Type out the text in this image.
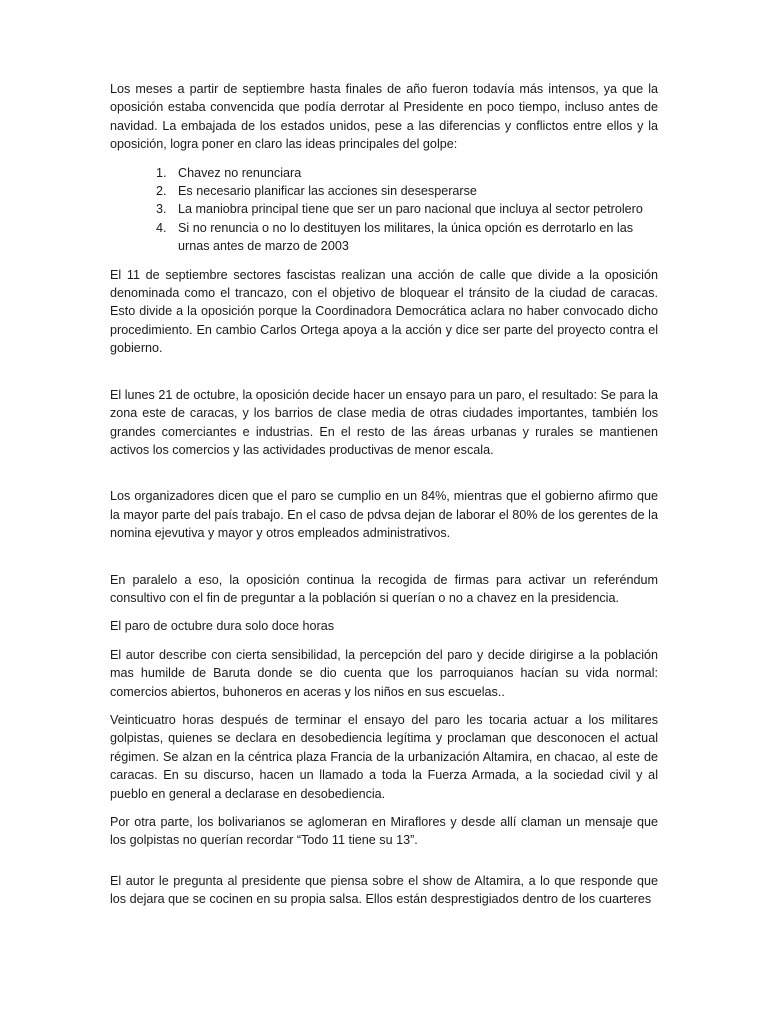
Los meses a partir de septiembre hasta finales de año fueron todavía más intensos, ya que la oposición estaba convencida que podía derrotar al Presidente en poco tiempo, incluso antes de navidad. La embajada de los estados unidos, pese a las diferencias y conflictos entre ellos y la oposición, logra poner en claro las ideas principales del golpe:

1. Chavez no renunciara
2. Es necesario planificar las acciones sin desesperarse
3. La maniobra principal tiene que ser un paro nacional que incluya al sector petrolero
4. Si no renuncia o no lo destituyen los militares, la única opción es derrotarlo en las urnas antes de marzo de 2003

El 11 de septiembre sectores fascistas realizan una acción de calle que divide a la oposición denominada como el trancazo, con el objetivo de bloquear el tránsito de la ciudad de caracas. Esto divide a la oposición porque la Coordinadora Democrática aclara no haber convocado dicho procedimiento. En cambio Carlos Ortega apoya a la acción y dice ser parte del proyecto contra el gobierno.

El lunes 21 de octubre, la oposición decide hacer un ensayo para un paro, el resultado: Se para la zona este de caracas, y los barrios de clase media de otras ciudades importantes, también los grandes comerciantes e industrias. En el resto de las áreas urbanas y rurales se mantienen activos los comercios y las actividades productivas de menor escala.

Los organizadores dicen que el paro se cumplio en un 84%, mientras que el gobierno afirmo que la mayor parte del país trabajo. En el caso de pdvsa dejan de laborar el 80% de los gerentes de la nomina ejevutiva y mayor y otros empleados administrativos.

En paralelo a eso, la oposición continua la recogida de firmas para activar un referéndum consultivo con el fin de preguntar a la población si querían o no a chavez en la presidencia.

El paro de octubre dura solo doce horas

El autor describe con cierta sensibilidad, la percepción del paro y decide dirigirse a la población mas humilde de Baruta donde se dio cuenta que los parroquianos hacían su vida normal: comercios abiertos, buhoneros en aceras y los niños en sus escuelas..

Veinticuatro horas después de terminar el ensayo del paro les tocaria actuar a los militares golpistas, quienes se declara en desobediencia legítima y proclaman que desconocen el actual régimen. Se alzan en la céntrica plaza Francia de la urbanización Altamira, en chacao, al este de caracas. En su discurso, hacen un llamado a toda la Fuerza Armada, a la sociedad civil y al pueblo en general a declarase en desobediencia.

Por otra parte, los bolivarianos se aglomeran en Miraflores y desde allí claman un mensaje que los golpistas no querían recordar “Todo 11 tiene su 13”.

El autor le pregunta al presidente que piensa sobre el show de Altamira, a lo que responde que los dejara que se cocinen en su propia salsa. Ellos están desprestigiados dentro de los cuarteres
